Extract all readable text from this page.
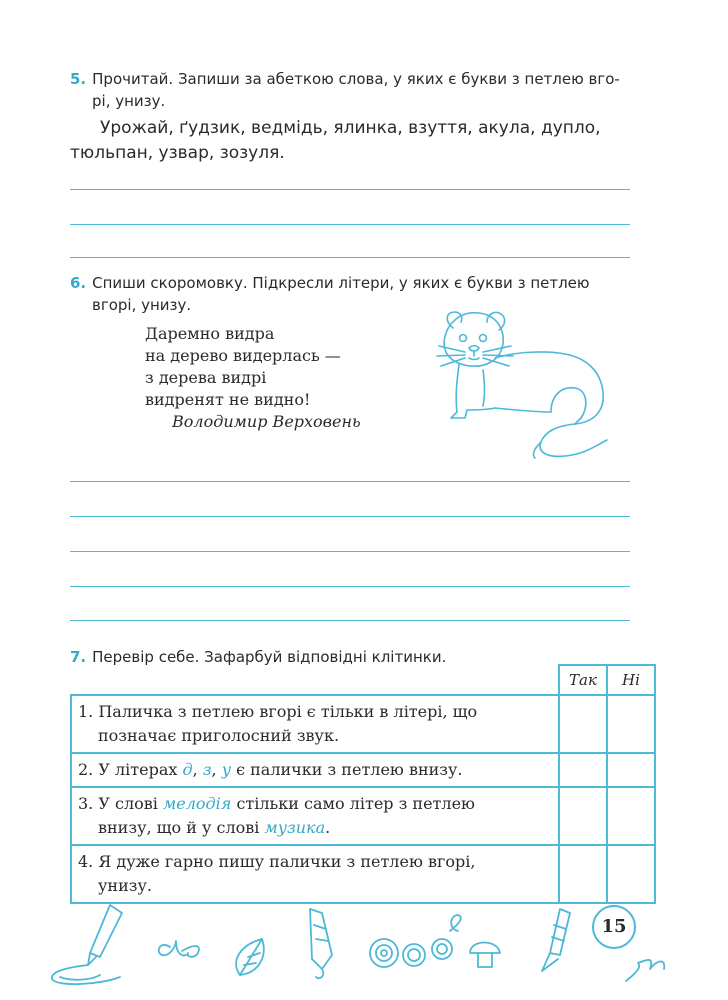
5. Прочитай. Запиши за абеткою слова, у яких є букви з петлею вго-
рі, унизу.
Урожай, ґудзик, ведмідь, ялинка, взуття, акула, дупло,
тюльпан, узвар, зозуля.
6. Спиши скоромовку. Підкресли літери, у яких є букви з петлею
вгорі, унизу.
Даремно видра
на дерево видерлась —
з дерева видрі
видренят не видно!
Володимир Верховень
7. Перевір себе. Зафарбуй відповідні клітинки.
	Так	Ні

1. Паличка з петлею вгорі є тільки в літері, що
позначає приголосний звук.		

2. У літерах д, з, у є палички з петлею внизу.		

3. У слові мелодія стільки само літер з петлею
внизу, що й у слові музика.		

4. Я дуже гарно пишу палички з петлею вгорі,
унизу.		

15
